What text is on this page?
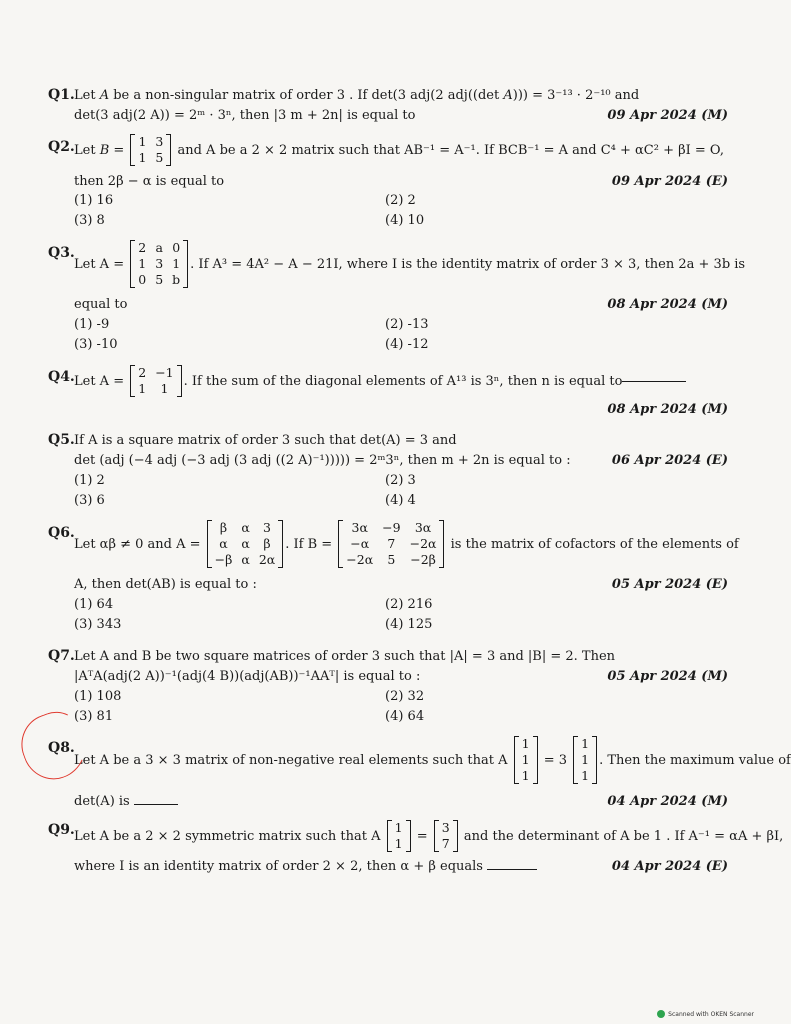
Q1. Let A be a non-singular matrix of order 3 . If det(3 adj(2 adj((det A))) = 3⁻¹³ · 2⁻¹⁰ and
det(3 adj(2 A)) = 2ᵐ · 3ⁿ, then |3 m + 2n| is equal to	09 Apr 2024 (M)
Q2. Let
B =
1 3
1 5
and A be a 2 × 2 matrix such that AB⁻¹ = A⁻¹. If BCB⁻¹ = A and C⁴ + αC² + βI = O,
then 2β − α is equal to	09 Apr 2024 (E)
(1) 16	(2) 2
(3) 8	(4) 10
Q3.
Let A =

2 a 0
1 3 1
0 5 b
. If A³ = 4A² − A − 21I, where I is the identity matrix of order 3 × 3, then 2a + 3b is
equal to	08 Apr 2024 (M)
(1) -9	(2) -13
(3) -10	(4) -12
Q4. Let A =

2 −1
1	1	. If the sum of the diagonal elements of A¹³ is 3ⁿ, then n is equal to
08 Apr 2024 (M)
Q5. If A is a square matrix of order 3 such that det(A) = 3 and
det (adj (−4 adj (−3 adj (3 adj ((2 A)⁻¹))))) = 2ᵐ3ⁿ, then m + 2n is equal to :	06 Apr 2024 (E)
(1) 2	(2) 3
(3) 6	(4) 4
Q6.
Let αβ ≠ 0 and A =

β	α	3
α	α	β
−β α 2α
. If B =

3α	−9	3α
−α	7	−2α
−2α	5	−2β

is the matrix of cofactors of the elements of
A, then det(AB) is equal to :	05 Apr 2024 (E)
(1) 64	(2) 216
(3) 343	(4) 125
Q7. Let A and B be two square matrices of order 3 such that |A| = 3 and |B| = 2. Then
|AᵀA(adj(2 A))⁻¹(adj(4 B))(adj(AB))⁻¹AAᵀ| is equal to :	05 Apr 2024 (M)
(1) 108	(2) 32
(3) 81	(4) 64
Q8.
Let A be a 3 × 3 matrix of non-negative real elements such that A

1
1
1

= 3

1
1
1
. Then the maximum value of
det(A) is	04 Apr 2024 (M)
Q9. Let A be a 2 × 2 symmetric matrix such that A

1
1
=

3
7
and the determinant of A be 1 . If A⁻¹ = αA + βI,
where I is an identity matrix of order 2 × 2, then α + β equals	04 Apr 2024 (E)
Scanned with OKEN Scanner
